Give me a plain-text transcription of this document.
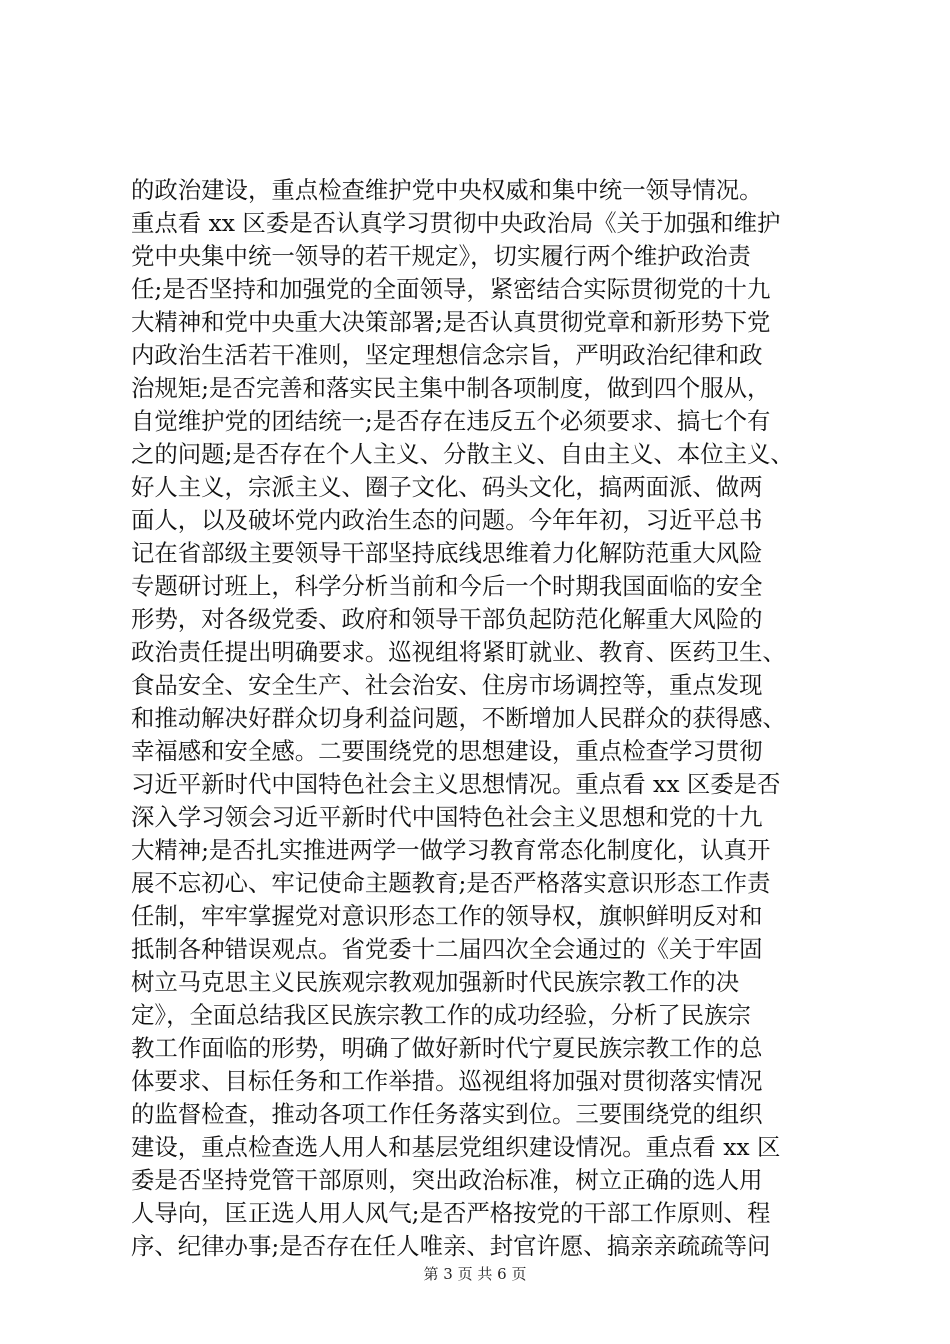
的政治建设，重点检查维护党中央权威和集中统一领导情况。
重点看 xx 区委是否认真学习贯彻中央政治局《关于加强和维护
党中央集中统一领导的若干规定》，切实履行两个维护政治责
任;是否坚持和加强党的全面领导，紧密结合实际贯彻党的十九
大精神和党中央重大决策部署;是否认真贯彻党章和新形势下党
内政治生活若干准则，坚定理想信念宗旨，严明政治纪律和政
治规矩;是否完善和落实民主集中制各项制度，做到四个服从，
自觉维护党的团结统一;是否存在违反五个必须要求、搞七个有
之的问题;是否存在个人主义、分散主义、自由主义、本位主义、
好人主义，宗派主义、圈子文化、码头文化，搞两面派、做两
面人，以及破坏党内政治生态的问题。今年年初，习近平总书
记在省部级主要领导干部坚持底线思维着力化解防范重大风险
专题研讨班上，科学分析当前和今后一个时期我国面临的安全
形势，对各级党委、政府和领导干部负起防范化解重大风险的
政治责任提出明确要求。巡视组将紧盯就业、教育、医药卫生、
食品安全、安全生产、社会治安、住房市场调控等，重点发现
和推动解决好群众切身利益问题，不断增加人民群众的获得感、
幸福感和安全感。二要围绕党的思想建设，重点检查学习贯彻
习近平新时代中国特色社会主义思想情况。重点看 xx 区委是否
深入学习领会习近平新时代中国特色社会主义思想和党的十九
大精神;是否扎实推进两学一做学习教育常态化制度化，认真开
展不忘初心、牢记使命主题教育;是否严格落实意识形态工作责
任制，牢牢掌握党对意识形态工作的领导权，旗帜鲜明反对和
抵制各种错误观点。省党委十二届四次全会通过的《关于牢固
树立马克思主义民族观宗教观加强新时代民族宗教工作的决
定》，全面总结我区民族宗教工作的成功经验，分析了民族宗
教工作面临的形势，明确了做好新时代宁夏民族宗教工作的总
体要求、目标任务和工作举措。巡视组将加强对贯彻落实情况
的监督检查，推动各项工作任务落实到位。三要围绕党的组织
建设，重点检查选人用人和基层党组织建设情况。重点看 xx 区
委是否坚持党管干部原则，突出政治标准，树立正确的选人用
人导向，匡正选人用人风气;是否严格按党的干部工作原则、程
序、纪律办事;是否存在任人唯亲、封官许愿、搞亲亲疏疏等问
第 3 页 共 6 页
